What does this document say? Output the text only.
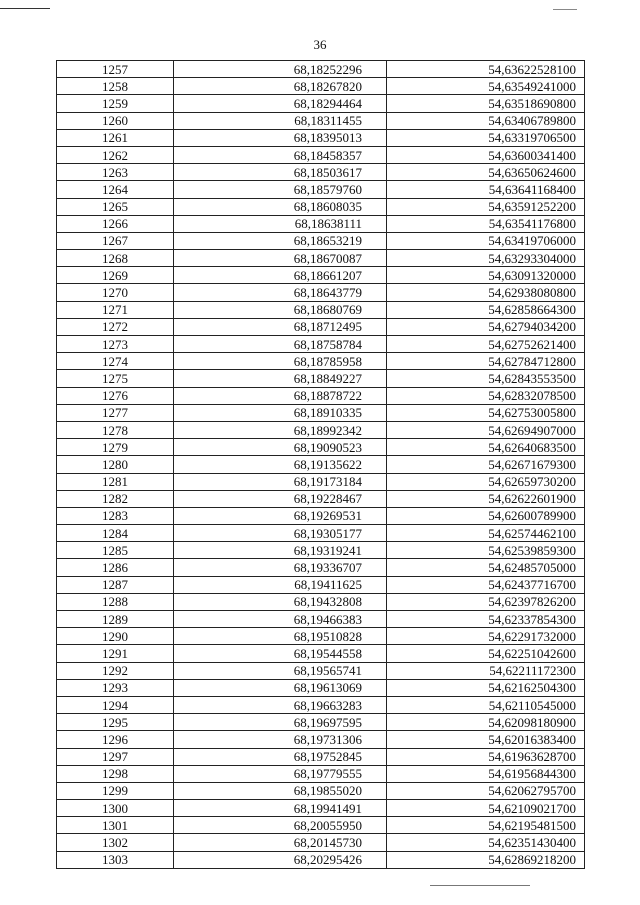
36
1257	68,18252296	54,63622528100
1258	68,18267820	54,63549241000
1259	68,18294464	54,63518690800
1260	68,18311455	54,63406789800
1261	68,18395013	54,63319706500
1262	68,18458357	54,63600341400
1263	68,18503617	54,63650624600
1264	68,18579760	54,63641168400
1265	68,18608035	54,63591252200
1266	68,18638111	54,63541176800
1267	68,18653219	54,63419706000
1268	68,18670087	54,63293304000
1269	68,18661207	54,63091320000
1270	68,18643779	54,62938080800
1271	68,18680769	54,62858664300
1272	68,18712495	54,62794034200
1273	68,18758784	54,62752621400
1274	68,18785958	54,62784712800
1275	68,18849227	54,62843553500
1276	68,18878722	54,62832078500
1277	68,18910335	54,62753005800
1278	68,18992342	54,62694907000
1279	68,19090523	54,62640683500
1280	68,19135622	54,62671679300
1281	68,19173184	54,62659730200
1282	68,19228467	54,62622601900
1283	68,19269531	54,62600789900
1284	68,19305177	54,62574462100
1285	68,19319241	54,62539859300
1286	68,19336707	54,62485705000
1287	68,19411625	54,62437716700
1288	68,19432808	54,62397826200
1289	68,19466383	54,62337854300
1290	68,19510828	54,62291732000
1291	68,19544558	54,62251042600
1292	68,19565741	54,62211172300
1293	68,19613069	54,62162504300
1294	68,19663283	54,62110545000
1295	68,19697595	54,62098180900
1296	68,19731306	54,62016383400
1297	68,19752845	54,61963628700
1298	68,19779555	54,61956844300
1299	68,19855020	54,62062795700
1300	68,19941491	54,62109021700
1301	68,20055950	54,62195481500
1302	68,20145730	54,62351430400
1303	68,20295426	54,62869218200
